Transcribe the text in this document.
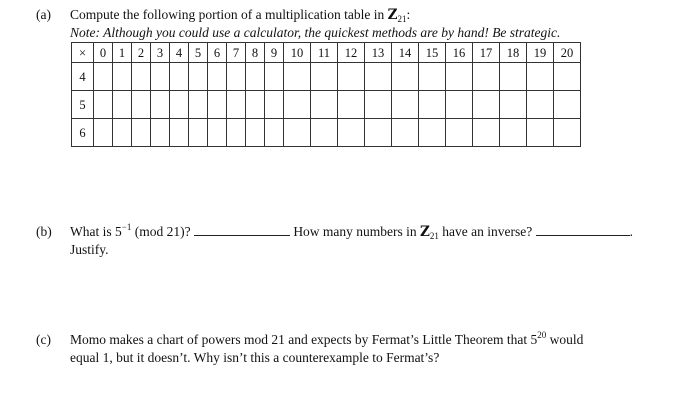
(a) Compute the following portion of a multiplication table in $Z_{21}$:
Note: Although you could use a calculator, the quickest methods are by hand! Be strategic.
×	0	1	2	3	4	5	6	7	8	9	10	11	12	13	14	15	16	17	18	19	20
4																					
5																					
6																					
(b) What is $5^{-1}$ (mod 21)?	How many numbers in $Z_{21}$ have an inverse?	.
Justify.
(c) Momo makes a chart of powers mod 21 and expects by Fermat’s Little Theorem that $5^{20}$ would
equal 1, but it doesn’t. Why isn’t this a counterexample to Fermat’s?
